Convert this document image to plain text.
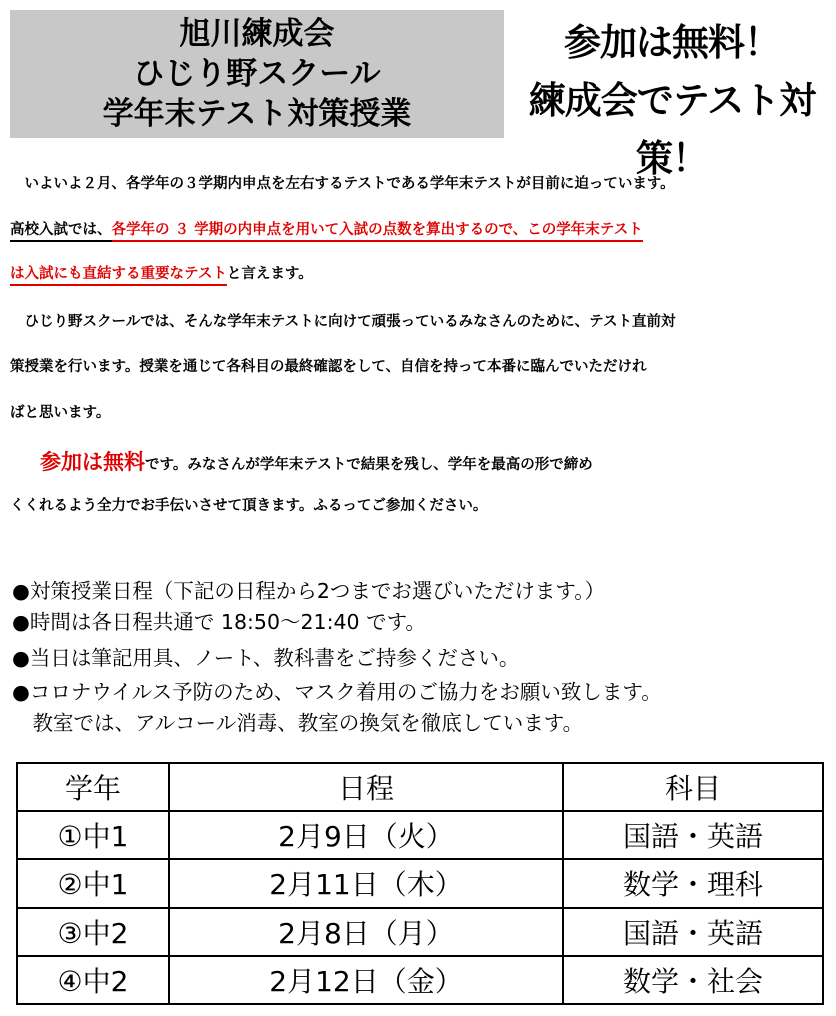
旭川練成会
ひじり野スクール
学年末テスト対策授業
参加は無料！
練成会でテスト対策！
　いよいよ２月、各学年の３学期内申点を左右するテストである学年末テストが目前に迫っています。
高校入試では、各学年の ３ 学期の内申点を用いて入試の点数を算出するので、この学年末テスト
は入試にも直結する重要なテストと言えます。
　ひじり野スクールでは、そんな学年末テストに向けて頑張っているみなさんのために、テスト直前対
策授業を行います。授業を通じて各科目の最終確認をして、自信を持って本番に臨んでいただけれ
ばと思います。
参加は無料です。みなさんが学年末テストで結果を残し、学年を最高の形で締め
くくれるよう全力でお手伝いさせて頂きます。ふるってご参加ください。
●対策授業日程（下記の日程から2つまでお選びいただけます。）
●時間は各日程共通で 18:50～21:40 です。
●当日は筆記用具、ノート、教科書をご持参ください。
●コロナウイルス予防のため、マスク着用のご協力をお願い致します。
　教室では、アルコール消毒、教室の換気を徹底しています。
学年	日程	科目
①中1	2月9日（火）	国語・英語
②中1	2月11日（木）	数学・理科
③中2	2月8日（月）	国語・英語
④中2	2月12日（金）	数学・社会
